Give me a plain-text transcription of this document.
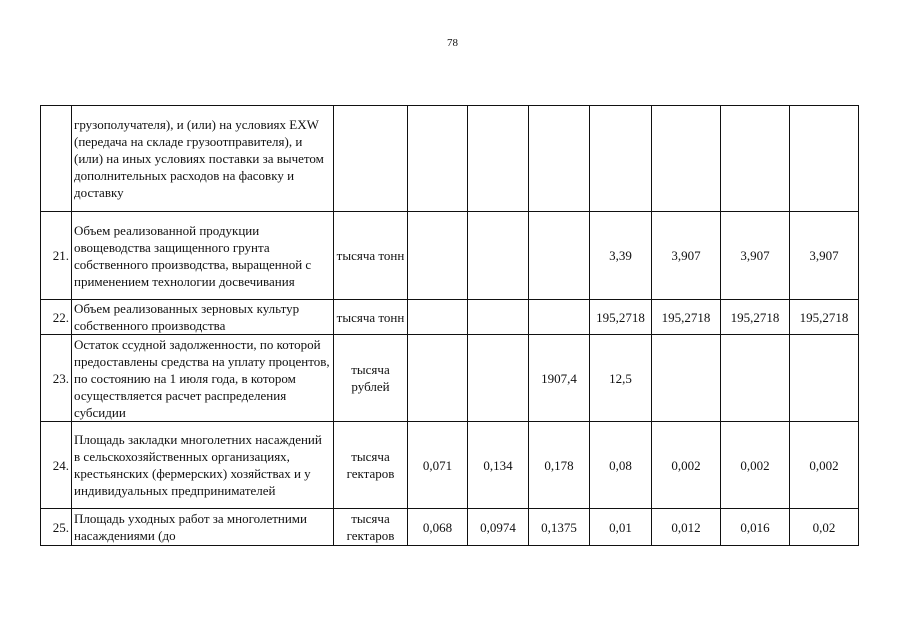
78
	грузополучателя), и (или) на условиях EXW (передача на складе грузоотправителя), и (или) на иных условиях поставки за вычетом дополнительных расходов на фасовку и доставку								
21.	Объем реализованной продукции овощеводства защищенного грунта собственного производства, выращенной с применением технологии досвечивания	тысяча тонн				3,39	3,907	3,907	3,907
22.	Объем реализованных зерновых культур собственного производства	тысяча тонн				195,2718	195,2718	195,2718	195,2718
23.	Остаток ссудной задолженности, по которой предоставлены средства на уплату процентов, по состоянию на 1 июля года, в котором осуществляется расчет распределения субсидии	тысяча рублей			1907,4	12,5			
24.	Площадь закладки многолетних насаждений в сельскохозяйственных организациях, крестьянских (фермерских) хозяйствах и у индивидуальных предпринимателей	тысяча гектаров	0,071	0,134	0,178	0,08	0,002	0,002	0,002
25.	Площадь уходных работ за многолетними насаждениями (до	тысяча гектаров	0,068	0,0974	0,1375	0,01	0,012	0,016	0,02
